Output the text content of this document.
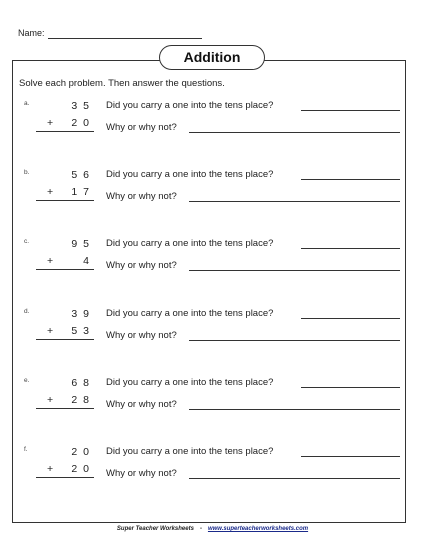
Name:
Addition
Solve each problem. Then answer the questions.
a.	35
+ 20
Did you carry a one into the tens place?
Why or why not?
b.	56
+ 17
Did you carry a one into the tens place?
Why or why not?
c.	95
+	4
Did you carry a one into the tens place?
Why or why not?
d.	39
+ 53
Did you carry a one into the tens place?
Why or why not?
e.	68
+ 28
Did you carry a one into the tens place?
Why or why not?
f.	20
+ 20
Did you carry a one into the tens place?
Why or why not?
Super Teacher Worksheets - www.superteacherworksheets.com
